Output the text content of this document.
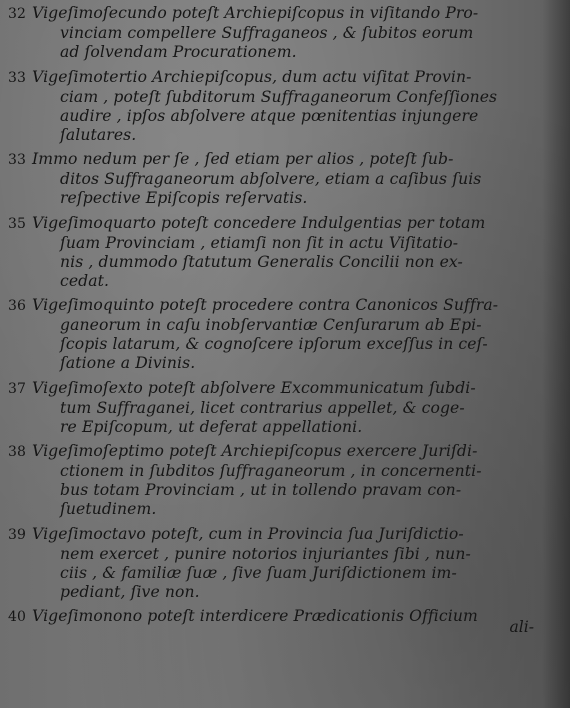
32 Vigeſimoſecundo poteſt Archiepiſcopus in viſitando Pro-
vinciam compellere Suffraganeos , & ſubitos eorum
ad ſolvendam Procurationem.
33 Vigeſimotertio Archiepiſcopus, dum actu viſitat Provin-
ciam , poteſt ſubditorum Suffraganeorum Confeſſiones
audire , ipſos abſolvere atque pœnitentias injungere
ſalutares.
33 Immo nedum per ſe , ſed etiam per alios , poteſt ſub-
ditos Suffraganeorum abſolvere, etiam a caſibus ſuis
reſpective Epiſcopis reſervatis.
35 Vigeſimoquarto poteſt concedere Indulgentias per totam
ſuam Provinciam , etiamſi non ſit in actu Viſitatio-
nis , dummodo ſtatutum Generalis Concilii non ex-
cedat.
36 Vigeſimoquinto poteſt procedere contra Canonicos Suffra-
ganeorum in caſu inobſervantiæ Cenſurarum ab Epi-
ſcopis latarum, & cognoſcere ipſorum exceſſus in ceſ-
ſatione a Divinis.
37 Vigeſimoſexto poteſt abſolvere Excommunicatum ſubdi-
tum Suffraganei, licet contrarius appellet, & coge-
re Epiſcopum, ut deferat appellationi.
38 Vigeſimoſeptimo poteſt Archiepiſcopus exercere Juriſdi-
ctionem in ſubditos ſuffraganeorum , in concernenti-
bus totam Provinciam , ut in tollendo pravam con-
ſuetudinem.
39 Vigeſimoctavo poteſt, cum in Provincia ſua Juriſdictio-
nem exercet , punire notorios injuriantes ſibi , nun-
ciis , & familiæ ſuæ , ſive ſuam Juriſdictionem im-
pediant, ſive non.
40 Vigeſimonono poteſt interdicere Prædicationis Officium
ali-
